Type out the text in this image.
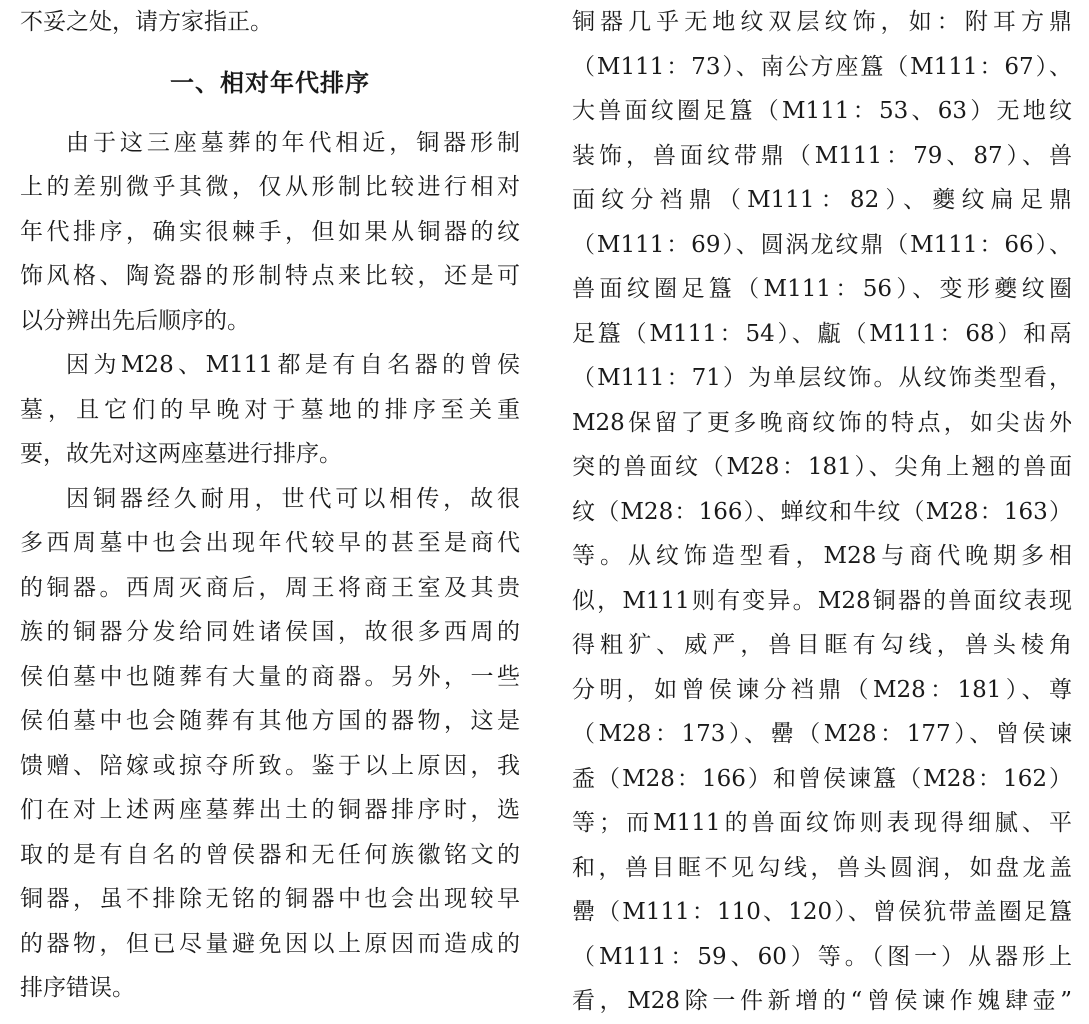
不妥之处，请方家指正。
一、相对年代排序
由于这三座墓葬的年代相近，铜器形制
上的差别微乎其微，仅从形制比较进行相对
年代排序，确实很棘手，但如果从铜器的纹
饰风格、陶瓷器的形制特点来比较，还是可
以分辨出先后顺序的。
因为M28、M111都是有自名器的曾侯
墓，且它们的早晚对于墓地的排序至关重
要，故先对这两座墓进行排序。
因铜器经久耐用，世代可以相传，故很
多西周墓中也会出现年代较早的甚至是商代
的铜器。西周灭商后，周王将商王室及其贵
族的铜器分发给同姓诸侯国，故很多西周的
侯伯墓中也随葬有大量的商器。另外，一些
侯伯墓中也会随葬有其他方国的器物，这是
馈赠、陪嫁或掠夺所致。鉴于以上原因，我
们在对上述两座墓葬出土的铜器排序时，选
取的是有自名的曾侯器和无任何族徽铭文的
铜器，虽不排除无铭的铜器中也会出现较早
的器物，但已尽量避免因以上原因而造成的
排序错误。
铜器几乎无地纹双层纹饰，如：附耳方鼎
（M111：73）、南公方座簋（M111：67）、
大兽面纹圈足簋（M111：53、63）无地纹
装饰，兽面纹带鼎（M111：79、87）、兽
面纹分裆鼎（M111：82）、夔纹扁足鼎
（M111：69）、圆涡龙纹鼎（M111：66）、
兽面纹圈足簋（M111：56）、变形夔纹圈
足簋（M111：54）、甗（M111：68）和鬲
（M111：71）为单层纹饰。从纹饰类型看，
M28保留了更多晚商纹饰的特点，如尖齿外
突的兽面纹（M28：181）、尖角上翘的兽面
纹（M28：166）、蝉纹和牛纹（M28：163）
等。从纹饰造型看，M28与商代晚期多相
似，M111则有变异。M28铜器的兽面纹表现
得粗犷、威严，兽目眶有勾线，兽头棱角
分明，如曾侯谏分裆鼎（M28：181）、尊
（M28：173）、罍（M28：177）、曾侯谏
盉（M28：166）和曾侯谏簋（M28：162）
等；而M111的兽面纹饰则表现得细腻、平
和，兽目眶不见勾线，兽头圆润，如盘龙盖
罍（M111：110、120）、曾侯犺带盖圈足簋
（M111：59、60）等。（图一）从器形上
看，M28除一件新增的“曾侯谏作媿肆壶”
